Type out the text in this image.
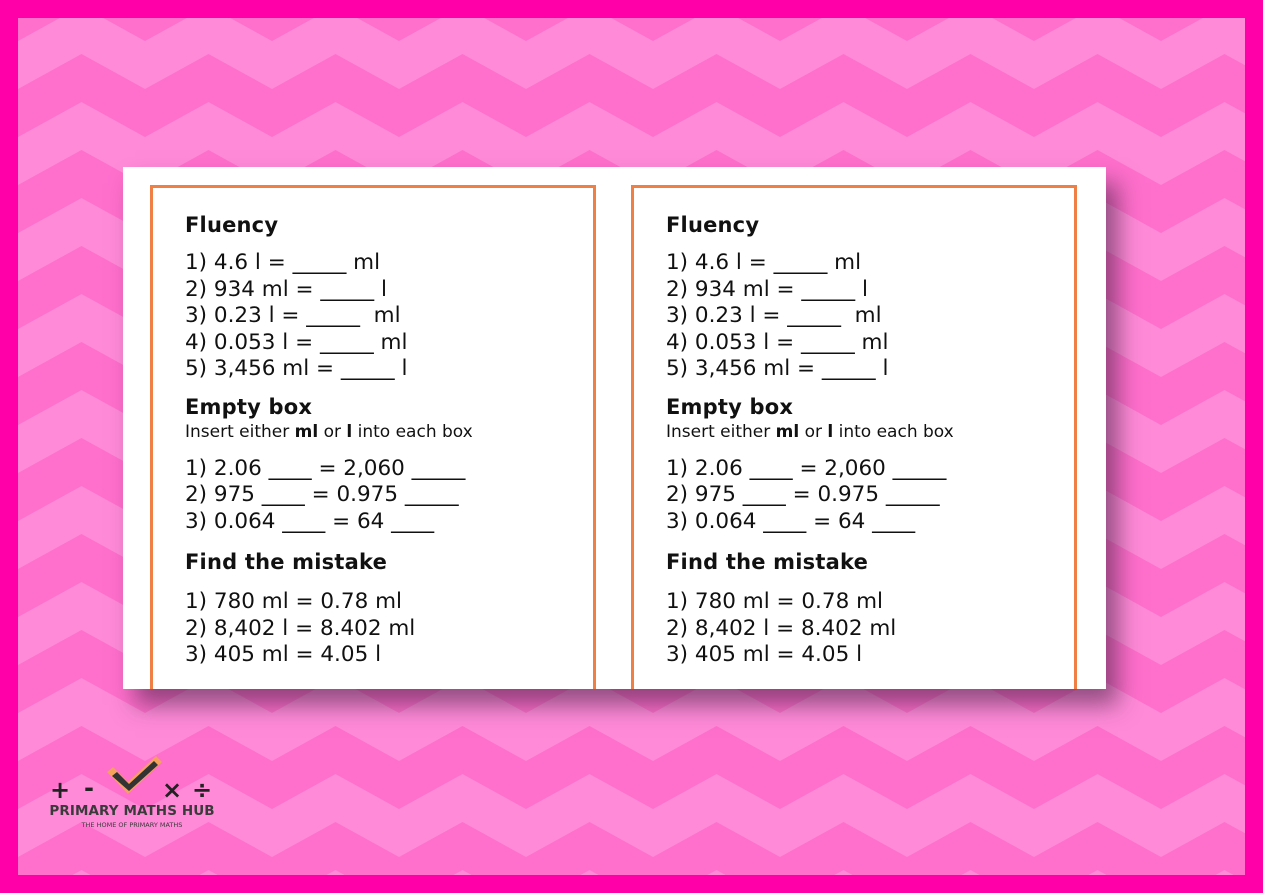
Fluency
1) 4.6 l = _____ ml
2) 934 ml = _____ l
3) 0.23 l = _____  ml
4) 0.053 l = _____ ml
5) 3,456 ml = _____ l
Empty box
Insert either ml or l into each box
1) 2.06 ____ = 2,060 _____
2) 975 ____ = 0.975 _____
3) 0.064 ____ = 64 ____
Find the mistake
1) 780 ml = 0.78 ml
2) 8,402 l = 8.402 ml
3) 405 ml = 4.05 l
Fluency
1) 4.6 l = _____ ml
2) 934 ml = _____ l
3) 0.23 l = _____  ml
4) 0.053 l = _____ ml
5) 3,456 ml = _____ l
Empty box
Insert either ml or l into each box
1) 2.06 ____ = 2,060 _____
2) 975 ____ = 0.975 _____
3) 0.064 ____ = 64 ____
Find the mistake
1) 780 ml = 0.78 ml
2) 8,402 l = 8.402 ml
3) 405 ml = 4.05 l
+ -	× ÷
PRIMARY MATHS HUB
THE HOME OF PRIMARY MATHS
